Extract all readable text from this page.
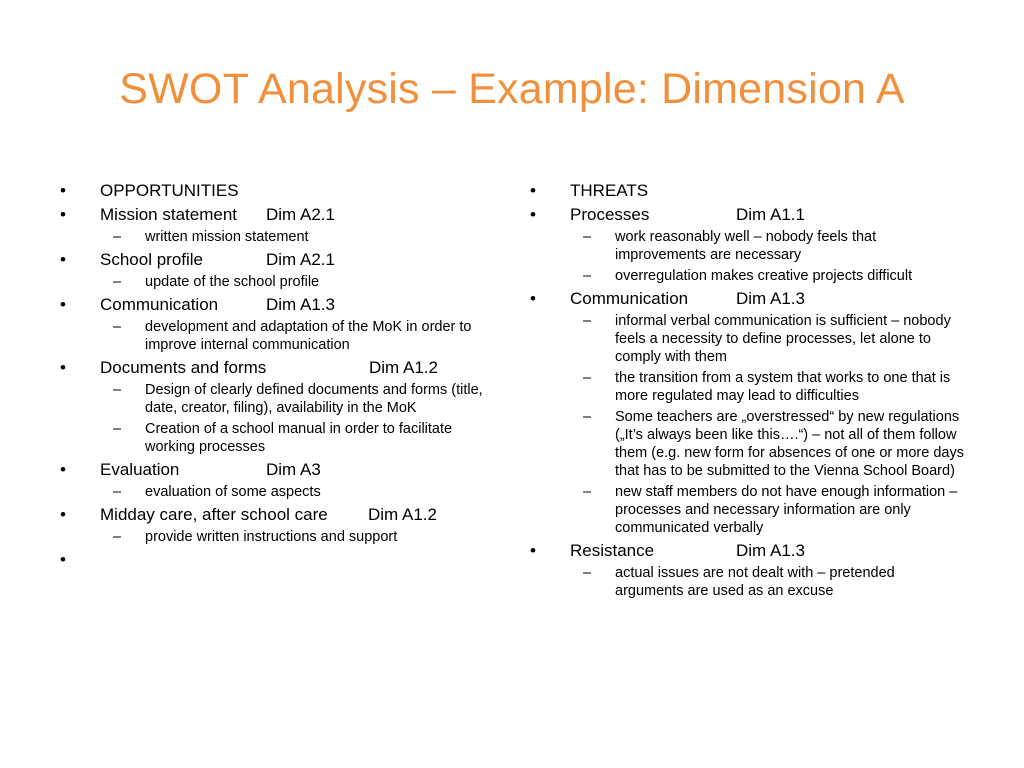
SWOT Analysis – Example: Dimension A
• OPPORTUNITIES
• Mission statement Dim A2.1
– written mission statement
• School profile	Dim A2.1
– update of the school profile
• Communication	Dim A1.3
– development and adaptation of the MoK in order to improve internal communication
• Documents and forms	Dim A1.2
– Design of clearly defined documents and forms (title, date, creator, filing), availability in the MoK
– Creation of a school manual in order to facilitate working processes
• Evaluation	Dim A3
– evaluation of some aspects
• Midday care, after school care Dim A1.2
– provide written instructions and support
•

• THREATS
• Processes	Dim A1.1
– work reasonably well – nobody feels that improvements are necessary
– overregulation makes creative projects difficult
• Communication	Dim A1.3
– informal verbal communication is sufficient – nobody feels a necessity to define processes, let alone to comply with them
– the transition from a system that works to one that is more regulated may lead to difficulties
– Some teachers are „overstressed“ by new regulations („It’s always been like this….“) – not all of them follow them (e.g. new form for absences of one or more days that has to be submitted to the Vienna School Board)
– new staff members do not have enough information – processes and necessary information are only communicated verbally
• Resistance	Dim A1.3
– actual issues are not dealt with – pretended arguments are used as an excuse
